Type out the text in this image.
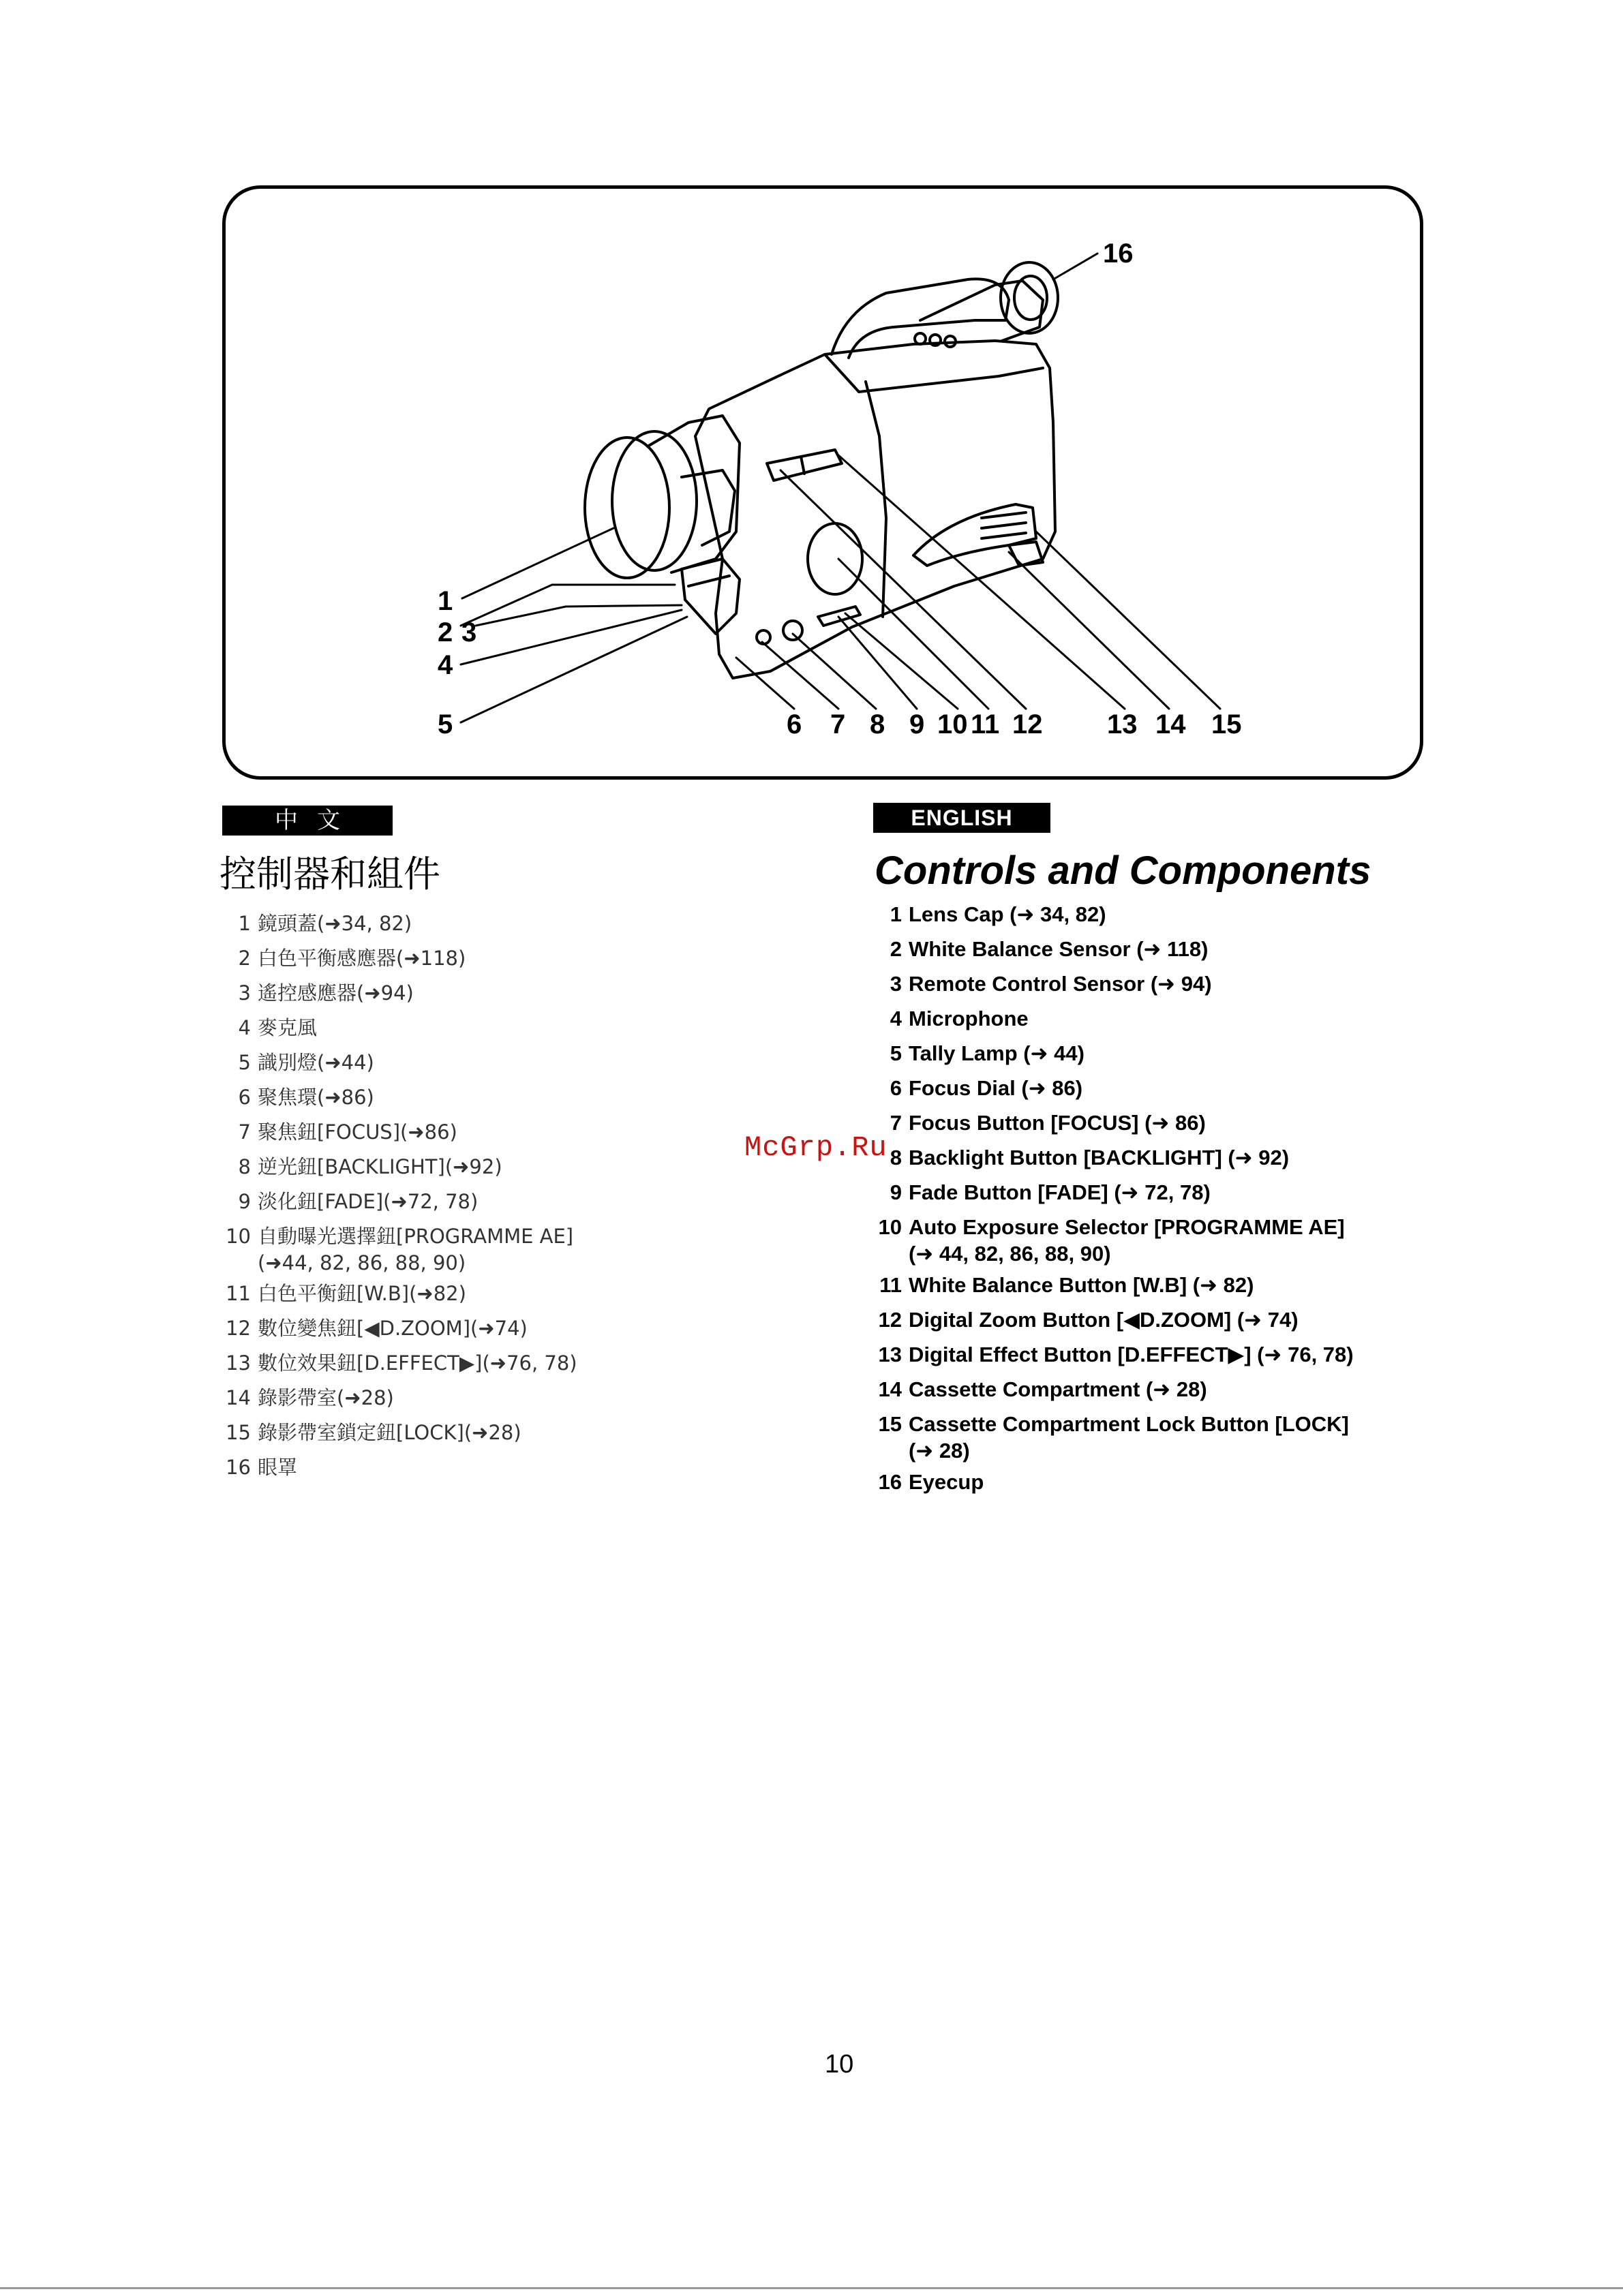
1
2 3
4
5	6 7 8 9 10 11 12 13 14 15
16
中文
控制器和組件
1 鏡頭蓋(➜34, 82)
2 白色平衡感應器(➜118)
3 遙控感應器(➜94)
4 麥克風
5 識別燈(➜44)
6 聚焦環(➜86)
7 聚焦鈕[FOCUS](➜86)
8 逆光鈕[BACKLIGHT](➜92)
9 淡化鈕[FADE](➜72, 78)
10 自動曝光選擇鈕[PROGRAMME AE]
(➜44, 82, 86, 88, 90)
11 白色平衡鈕[W.B](➜82)
12 數位變焦鈕[◀D.ZOOM](➜74)
13 數位效果鈕[D.EFFECT▶](➜76, 78)
14 錄影帶室(➜28)
15 錄影帶室鎖定鈕[LOCK](➜28)
16 眼罩
ENGLISH
Controls and Components
1 Lens Cap (➜ 34, 82)
2 White Balance Sensor (➜ 118)
3 Remote Control Sensor (➜ 94)
4 Microphone
5 Tally Lamp (➜ 44)
6 Focus Dial (➜ 86)
7 Focus Button [FOCUS] (➜ 86)
8 Backlight Button [BACKLIGHT] (➜ 92)
9 Fade Button [FADE] (➜ 72, 78)
10 Auto Exposure Selector [PROGRAMME AE]
(➜ 44, 82, 86, 88, 90)
11 White Balance Button [W.B] (➜ 82)
12 Digital Zoom Button [◀D.ZOOM] (➜ 74)
13 Digital Effect Button [D.EFFECT▶] (➜ 76, 78)
14 Cassette Compartment (➜ 28)
15 Cassette Compartment Lock Button [LOCK]
(➜ 28)
16 Eyecup
McGrp.Ru
10
